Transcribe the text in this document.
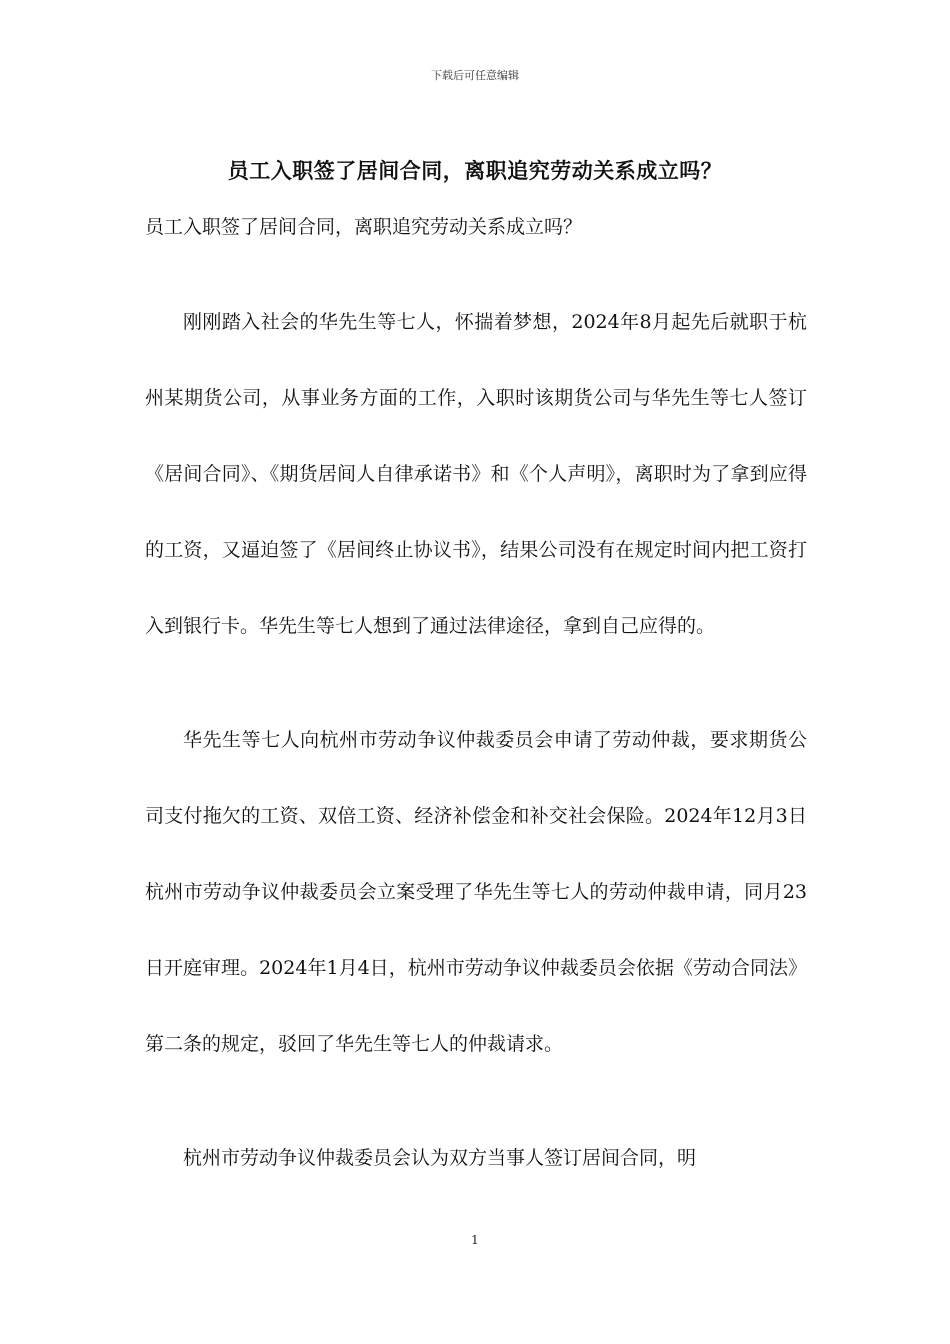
下载后可任意编辑
员工入职签了居间合同，离职追究劳动关系成立吗？

员工入职签了居间合同，离职追究劳动关系成立吗？

刚刚踏入社会的华先生等七人，怀揣着梦想，2024年8月起先后就职于杭州某期货公司，从事业务方面的工作，入职时该期货公司与华先生等七人签订《居间合同》、《期货居间人自律承诺书》和《个人声明》，离职时为了拿到应得的工资，又逼迫签了《居间终止协议书》，结果公司没有在规定时间内把工资打入到银行卡。华先生等七人想到了通过法律途径，拿到自己应得的。

华先生等七人向杭州市劳动争议仲裁委员会申请了劳动仲裁，要求期货公司支付拖欠的工资、双倍工资、经济补偿金和补交社会保险。2024年12月3日杭州市劳动争议仲裁委员会立案受理了华先生等七人的劳动仲裁申请，同月23日开庭审理。2024年1月4日，杭州市劳动争议仲裁委员会依据《劳动合同法》第二条的规定，驳回了华先生等七人的仲裁请求。

杭州市劳动争议仲裁委员会认为双方当事人签订居间合同，明

1
